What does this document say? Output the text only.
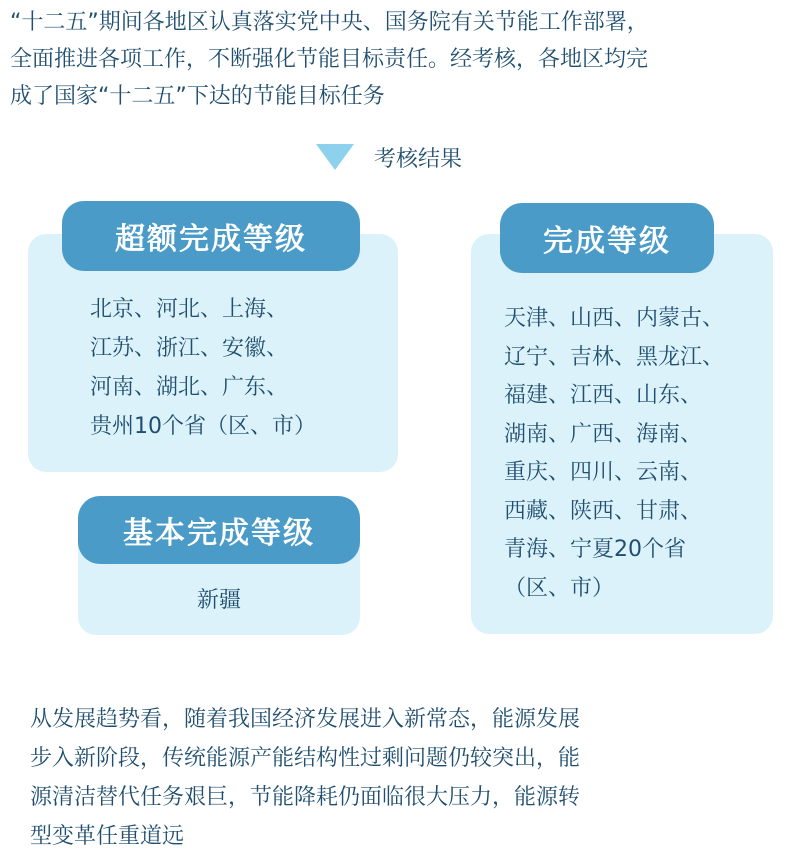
“十二五”期间各地区认真落实党中央、国务院有关节能工作部署，
全面推进各项工作，不断强化节能目标责任。经考核，各地区均完
成了国家“十二五”下达的节能目标任务
考核结果
超额完成等级
北京、河北、上海、
江苏、浙江、安徽、
河南、湖北、广东、
贵州10个省（区、市）
基本完成等级
新疆
完成等级
天津、山西、内蒙古、
辽宁、吉林、黑龙江、
福建、江西、山东、
湖南、广西、海南、
重庆、四川、云南、
西藏、陕西、甘肃、
青海、宁夏20个省
（区、市）
从发展趋势看，随着我国经济发展进入新常态，能源发展
步入新阶段，传统能源产能结构性过剩问题仍较突出，能
源清洁替代任务艰巨，节能降耗仍面临很大压力，能源转
型变革任重道远
